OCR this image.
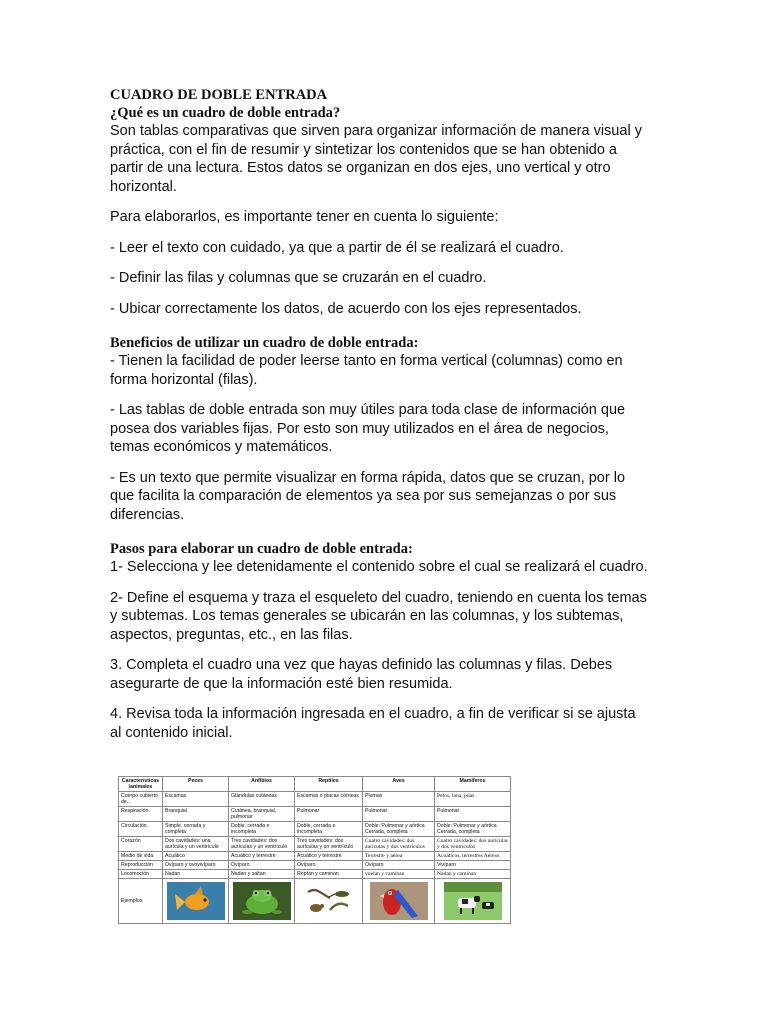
CUADRO DE DOBLE ENTRADA

¿Qué es un cuadro de doble entrada?

Son tablas comparativas que sirven para organizar información de manera visual y práctica, con el fin de resumir y sintetizar los contenidos que se han obtenido a partir de una lectura. Estos datos se organizan en dos ejes, uno vertical y otro horizontal.

Para elaborarlos, es importante tener en cuenta lo siguiente:

- Leer el texto con cuidado, ya que a partir de él se realizará el cuadro.

- Definir las filas y columnas que se cruzarán en el cuadro.

- Ubicar correctamente los datos, de acuerdo con los ejes representados.

Beneficios de utilizar un cuadro de doble entrada:

- Tienen la facilidad de poder leerse tanto en forma vertical (columnas) como en forma horizontal (filas).

- Las tablas de doble entrada son muy útiles para toda clase de información que posea dos variables fijas. Por esto son muy utilizados en el área de negocios, temas económicos y matemáticos.

- Es un texto que permite visualizar en forma rápida, datos que se cruzan, por lo que facilita la comparación de elementos ya sea por sus semejanzas o por sus diferencias.

Pasos para elaborar un cuadro de doble entrada:

1- Selecciona y lee detenidamente el contenido sobre el cual se realizará el cuadro.

2- Define el esquema y traza el esqueleto del cuadro, teniendo en cuenta los temas y subtemas. Los temas generales se ubicarán en las columnas, y los subtemas, aspectos, preguntas, etc., en las filas.

3. Completa el cuadro una vez que hayas definido las columnas y filas. Debes asegurarte de que la información esté bien resumida.

4. Revisa toda la información ingresada en el cuadro, a fin de verificar si se ajusta al contenido inicial.

Características /animales	Peces	Anfibios	Reptiles	Aves	Mamíferos
Cuerpo cubierto de...	Escamas	Glándulas cutáneas	Escamas o placas córneas	Plumas	Pelos, lana, púas
Respiración	Branquial	Cutánea, branquial, pulmonar	Pulmonar	Pulmonar	Pulmonar
Circulación	Simple, cerrada y completa	Doble, cerrada e incompleta	Doble, cerrada e incompleta	Doble: Pulmonar y aórtica Cerrada, completa	Doble: Pulmonar y aórtica Cerrada, completa
Corazón	Dos cavidades: una aurícula y un ventrículo	Tres cavidades: dos aurículas y un ventrículo	Tres cavidades: dos aurículas y un ventrículo	Cuatro cavidades: dos aurículas y dos ventrículos	Cuatro cavidades: dos aurículas y dos ventrículos
Medio de vida	Acuático	Acuático y terrestre	Acuático y terrestre	Terrestre y aérea	Acuáticos, terrestres Aéreos
Reproducción	Ovíparo y ovovivíparo	Ovíparo	Ovíparo	Ovíparo	Vivíparo
Locomoción	Nadan	Nadan y saltan	Reptan y caminan	vuelan y caminan	Nadan y caminan
Ejemplos	
